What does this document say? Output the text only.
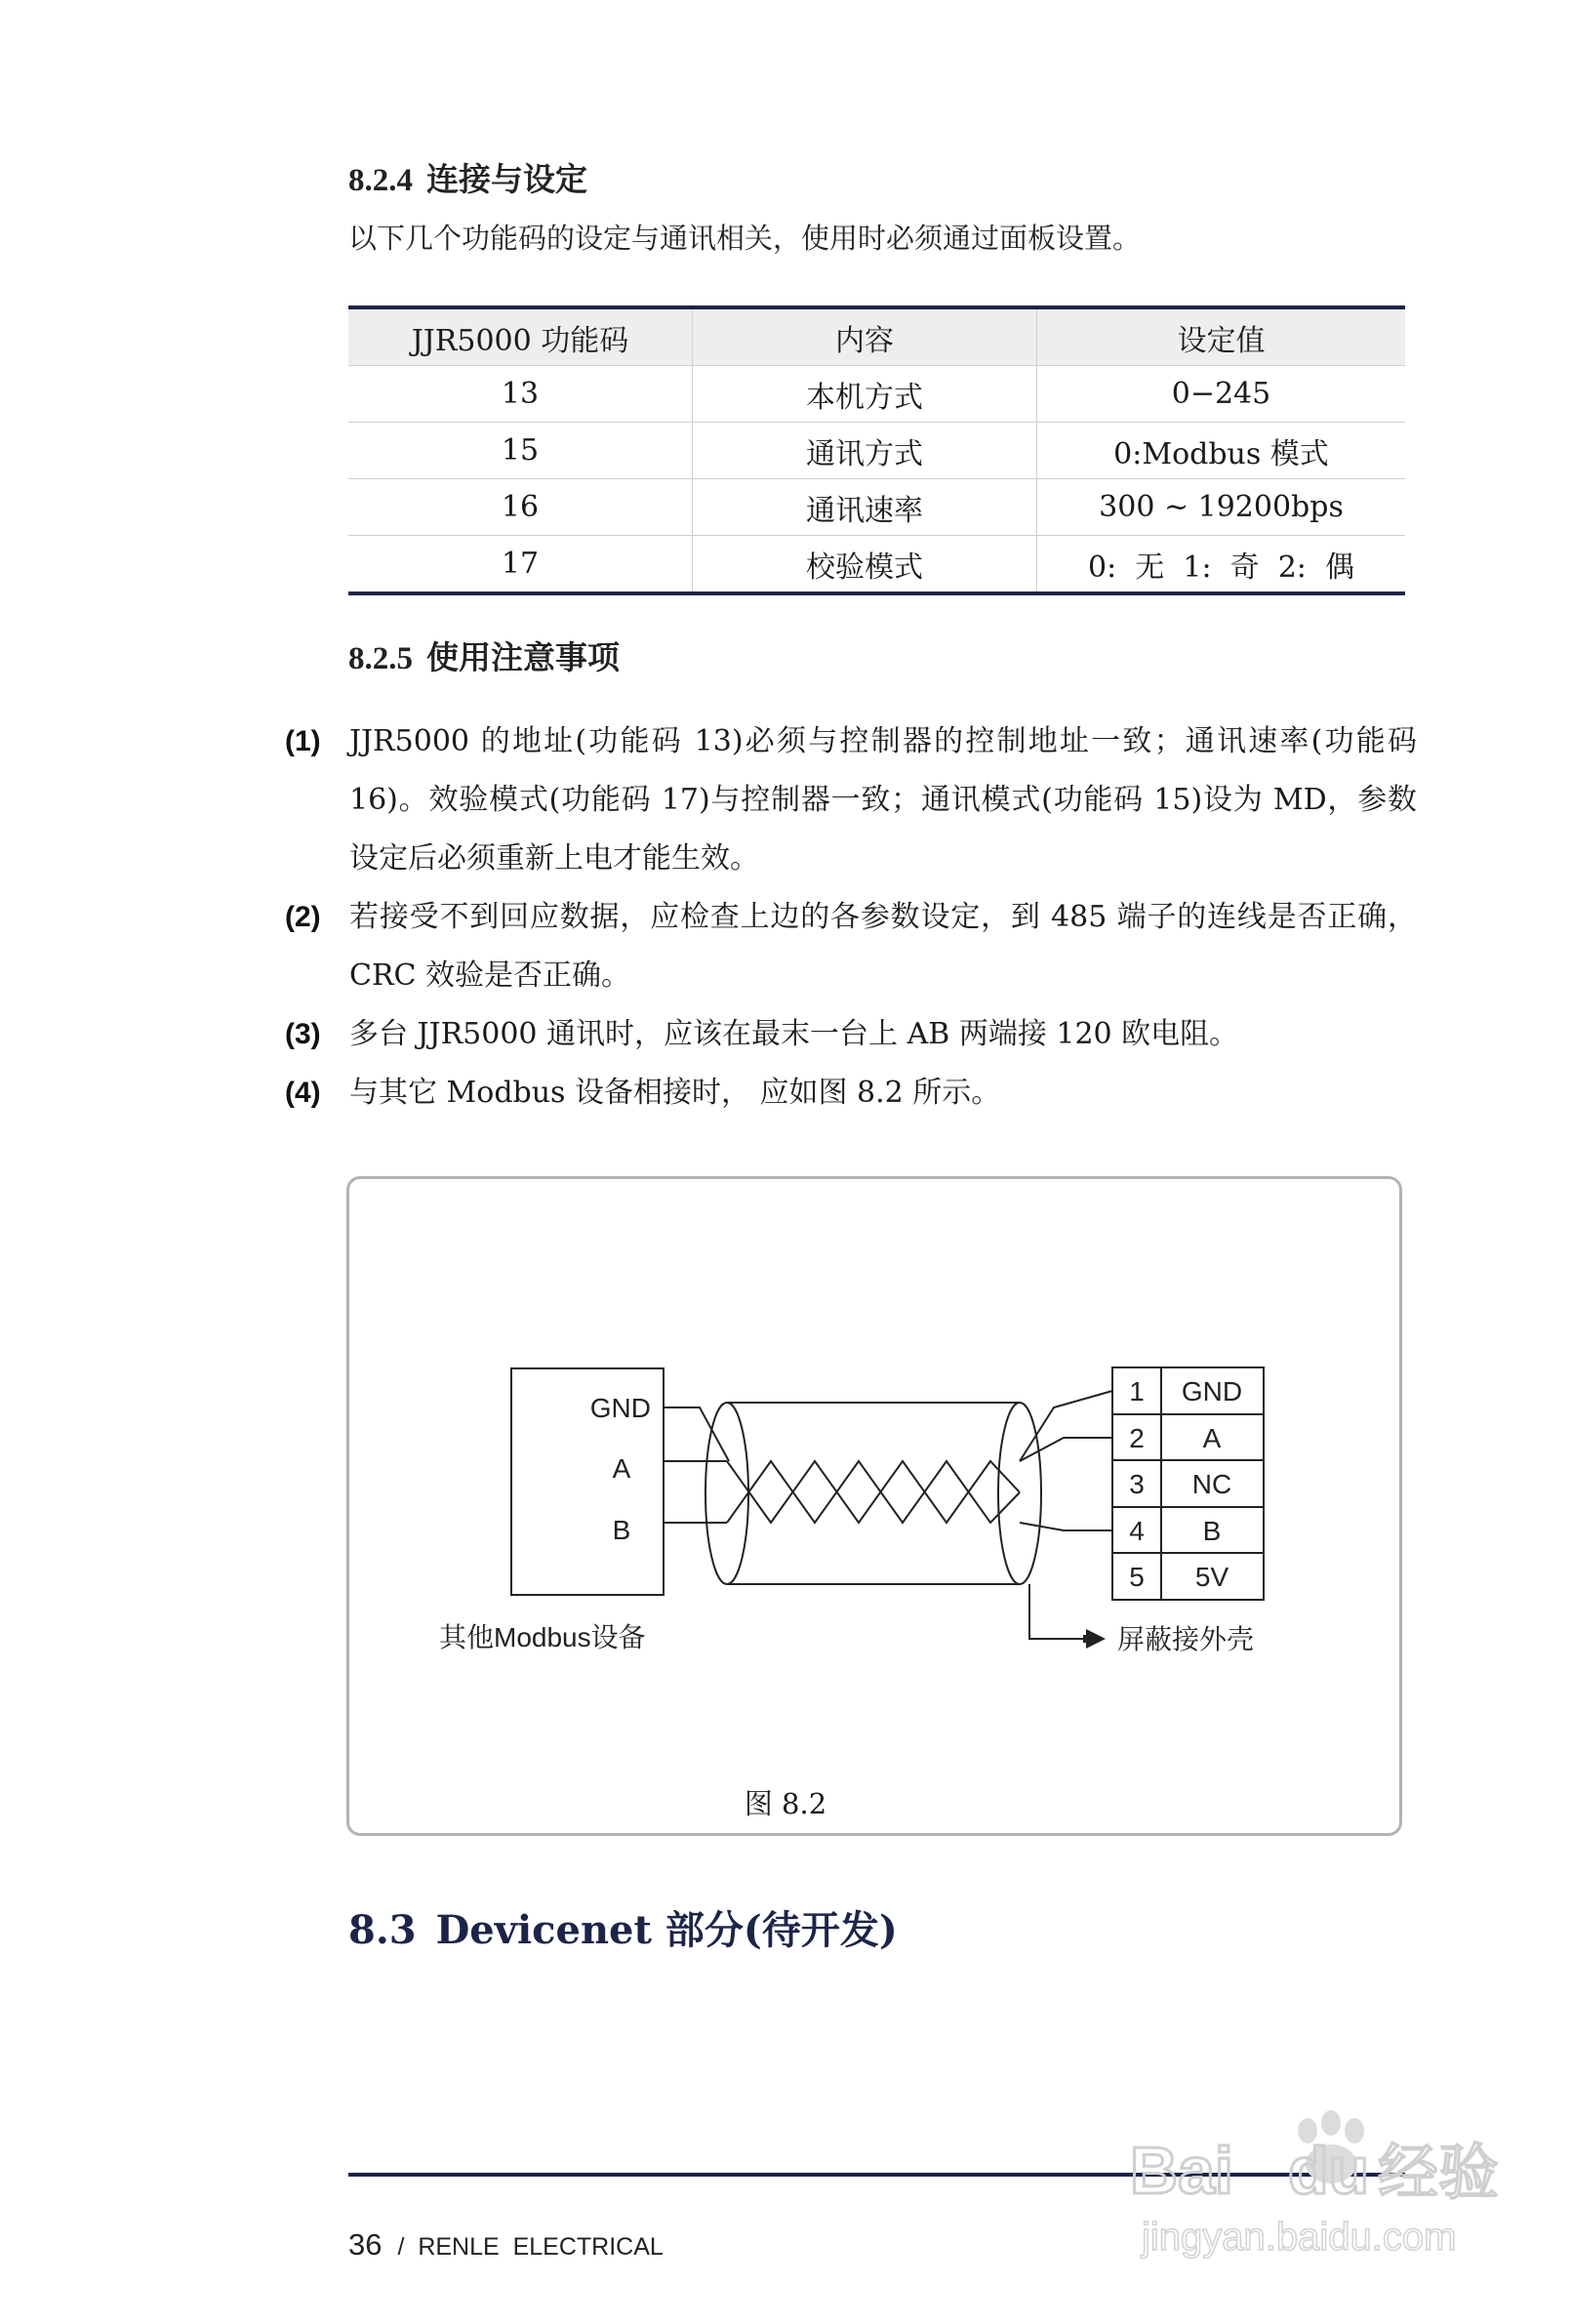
8.2.4 连接与设定
以下几个功能码的设定与通讯相关，使用时必须通过面板设置。
JJR5000 功能码	内容	设定值
13	本机方式	0−245
15	通讯方式	0:Modbus 模式
16	通讯速率	300 ~ 19200bps
17	校验模式	0:  无  1:  奇  2:  偶
8.2.5 使用注意事项
(1) JJR5000 的地址(功能码 13)必须与控制器的控制地址一致；通讯速率(功能码 16)。效验模式(功能码 17)与控制器一致；通讯模式(功能码 15)设为 MD，参数设定后必须重新上电才能生效。
(2) 若接受不到回应数据，应检查上边的各参数设定，到 485 端子的连线是否正确，CRC 效验是否正确。
(3) 多台 JJR5000 通讯时，应该在最末一台上 AB 两端接 120 欧电阻。
(4) 与其它 Modbus 设备相接时， 应如图 8.2 所示。
GND
A
B
其他Modbus设备
1 GND
2 A
3 NC
4 B
5 5V
屏蔽接外壳
图 8.2
8.3 Devicenet 部分(待开发)
36 /  RENLE  ELECTRICAL
Bai du 经验
jingyan.baidu.com
